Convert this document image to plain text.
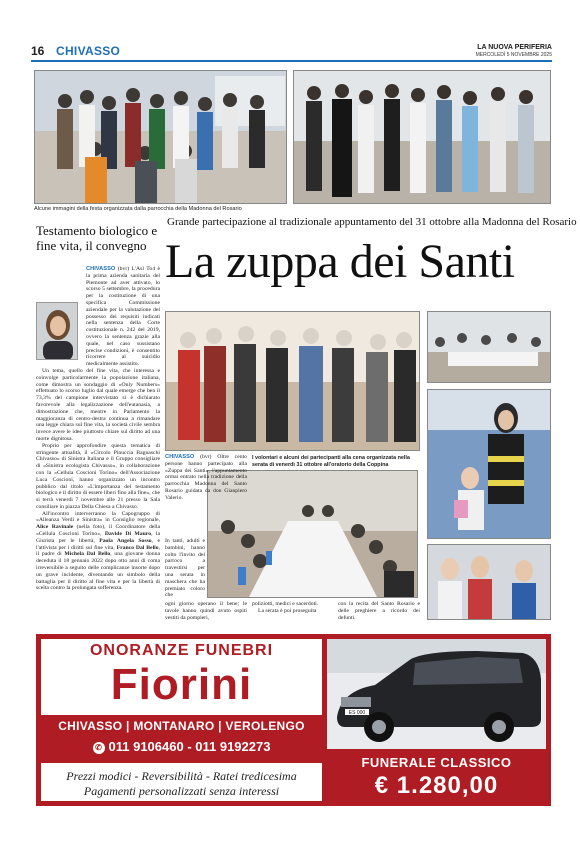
16 CHIVASSO	LA NUOVA PERIFERIA
MERCOLEDÌ 5 NOVEMBRE 2025
Alcune immagini della festa organizzata dalla parrocchia della Madonna del Rosario
Testamento biologico e fine vita, il convegno

CHIVASSO (bvr) L'Asl To4 è la prima azienda sanitaria del Piemonte ad aver attivato, lo scorso 5 settembre, la procedura per la costituzione di una specifica Commissione aziendale per la valutazione del possesso dei requisiti indicati nella sentenza della Corte costituzionale n. 242 del 2019, ovvero la sentenza grazie alla quale, nel caso sussistano precise condizioni, è consentito ricorrere al suicidio medicalmente assistito.

Un tema, quello del fine vita, che interessa e coinvolge particolarmente la popolazione italiana, come dimostra un sondaggio di «Only Numbers» effettuato lo scorso luglio dal quale emerge che ben il 73,3% del campione intervistato si è dichiarato favorevole alla legalizzazione dell'eutanasia, a dimostrazione che, mentre in Parlamento la maggioranza di centro-destra continua a rimandare una legge chiara sul fine vita, la società civile sembra invece avere le idee piuttosto chiare sul diritto ad una morte dignitosa.

Proprio per approfondire questa tematica di stringente attualità, il «Circolo Pinuccia Bagnaschi Chivasso» di Sinistra Italiana e il Gruppo consigliare di «Sinistra ecologista Chivasso», in collaborazione con la «Cellula Coscioni Torino» dell'Associazione Luca Coscioni, hanno organizzato un incontro pubblico dal titolo «L'importanza del testamento biologico e il diritto di essere liberi fino alla fine», che si terrà venerdì 7 novembre alle 21 presso la Sala consiliare in piazza Della Chiesa a Chivasso.

All'incontro interverranno la Capogruppo di «Alleanza Verdi e Sinistra» in Consiglio regionale, Alice Ravinale (nella foto), il Coordinatore della «Cellula Coscioni Torino», Davide Di Mauro, la Giurista per le libertà, Paola Angela Sosso, e l'attivista per i diritti sul fine vita, Franco Dal Bello, il padre di Michela Dal Bello, una giovane donna deceduta il 18 gennaio 2022 dopo otto anni di coma irreversibile a seguito delle complicanze insorte dopo un grave incidente, diventando un simbolo della battaglia per il diritto al fine vita e per la libertà di scelta contro la prolungata sofferenza.

Grande partecipazione al tradizionale appuntamento del 31 ottobre alla Madonna del Rosario
La zuppa dei Santi
I volontari e alcuni dei partecipanti alla cena organizzata nella serata di venerdì 31 ottobre all'oratorio della Coppina
CHIVASSO (bvr) Oltre cento persone hanno partecipato alla «Zuppa dei Santi», l'appuntamento ormai entrato nella tradizione della parrocchia Madonna del Santo Rosario guidata da don Gianpiero Valerio.
In tanti, adulti e bambini, hanno colto l'invito del parroco a travestirsi per una serata in maschera che ha premiato coloro che
ogni giorno operano il bene; le tavole hanno quindi avuto ospiti vestiti da pompieri,

poliziotti, medici e sacerdoti.

La serata è poi proseguita

con la recita del Santo Rosario e delle preghiere a ricordo dei defunti.
ONORANZE FUNEBRI
Fiorini
CHIVASSO | MONTANARO | VEROLENGO
✆ 011 9106460 - 011 9192273
Prezzi modici - Reversibilità - Ratei tredicesima
Pagamenti personalizzati senza interessi
ES 000
FUNERALE CLASSICO
€ 1.280,00
